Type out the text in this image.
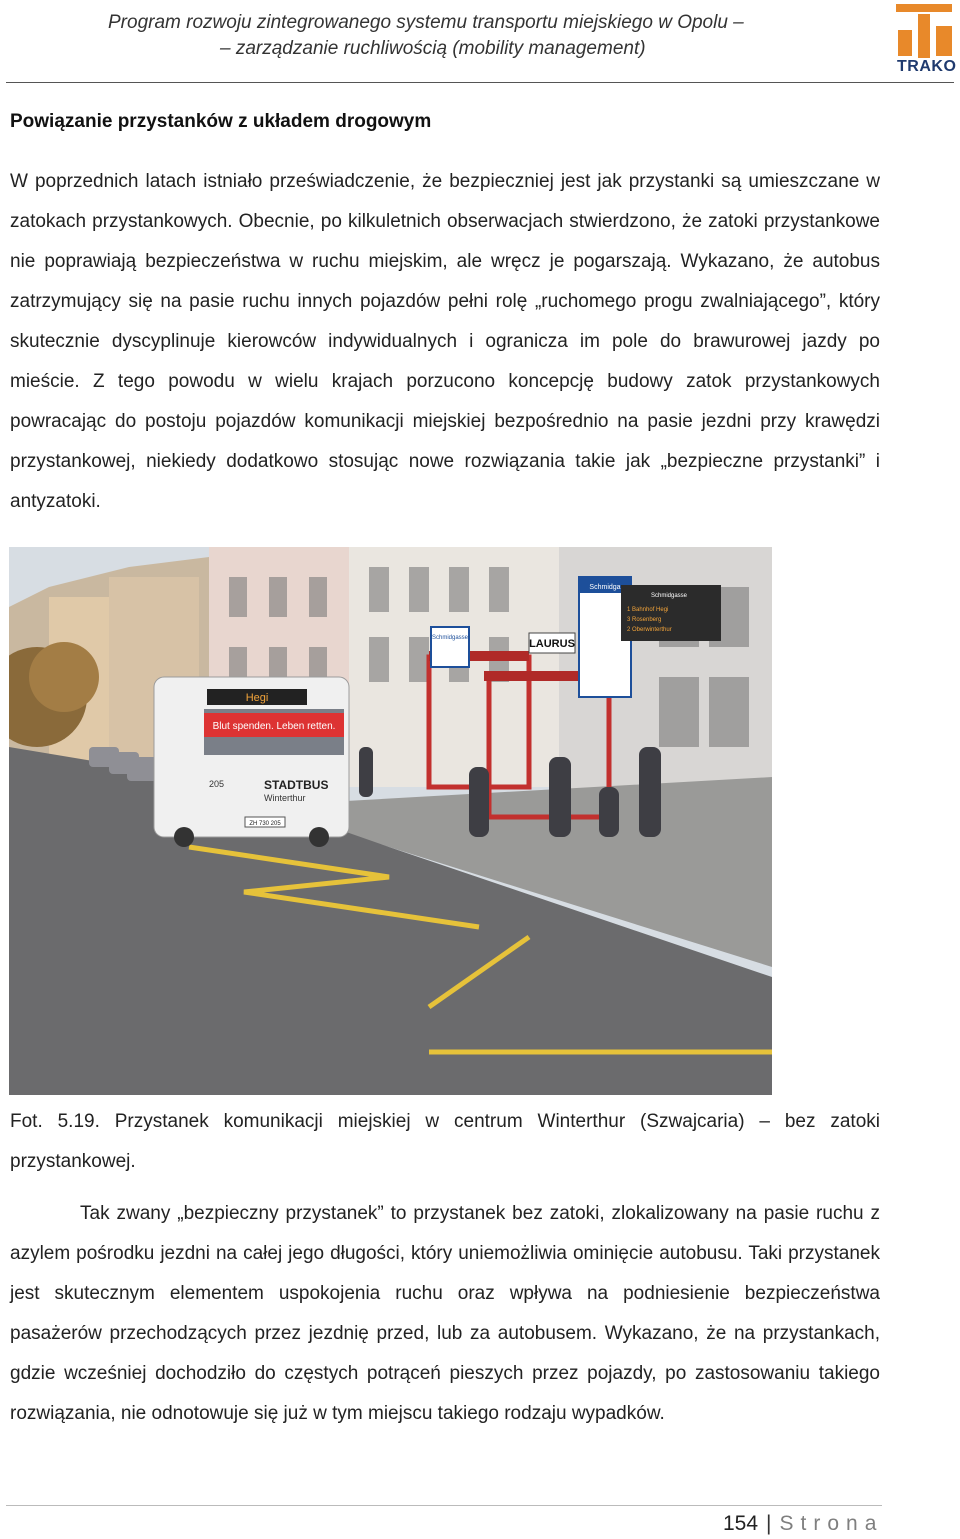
Program rozwoju zintegrowanego systemu transportu miejskiego w Opolu –
– zarządzanie ruchliwością (mobility management)
TRAKO
Powiązanie przystanków z układem drogowym
W poprzednich latach istniało przeświadczenie, że bezpieczniej jest jak przystanki są umieszczane w zatokach przystankowych. Obecnie, po kilkuletnich obserwacjach stwierdzono, że zatoki przystankowe nie poprawiają bezpieczeństwa w ruchu miejskim, ale wręcz je pogarszają. Wykazano, że autobus zatrzymujący się na pasie ruchu innych pojazdów pełni rolę „ruchomego progu zwalniającego”, który skutecznie dyscyplinuje kierowców indywidualnych i ogranicza im pole do brawurowej jazdy po mieście. Z tego powodu w wielu krajach porzucono koncepcję budowy zatok przystankowych powracając do postoju pojazdów komunikacji miejskiej bezpośrednio na pasie jezdni przy krawędzi przystankowej, niekiedy dodatkowo stosując nowe rozwiązania takie jak „bezpieczne przystanki” i antyzatoki.
Hegi
Blut spenden. Leben retten.
205	STADTBUS
Winterthur
ZH 730 205
LAURUS
Schmidgasse
Schmidga
Schmidgasse
1 Bahnhof Hegi
3 Rosenberg
2 Oberwinterthur
Fot. 5.19. Przystanek komunikacji miejskiej w centrum Winterthur (Szwajcaria) – bez zatoki przystankowej.
Tak zwany „bezpieczny przystanek” to przystanek bez zatoki, zlokalizowany na pasie ruchu z azylem pośrodku jezdni na całej jego długości, który uniemożliwia ominięcie autobusu. Taki przystanek jest skutecznym elementem uspokojenia ruchu oraz wpływa na podniesienie bezpieczeństwa pasażerów przechodzących przez jezdnię przed, lub za autobusem. Wykazano, że na przystankach, gdzie wcześniej dochodziło do częstych potrąceń pieszych przez pojazdy, po zastosowaniu takiego rozwiązania, nie odnotowuje się już w tym miejscu takiego rodzaju wypadków.
154 | Strona
